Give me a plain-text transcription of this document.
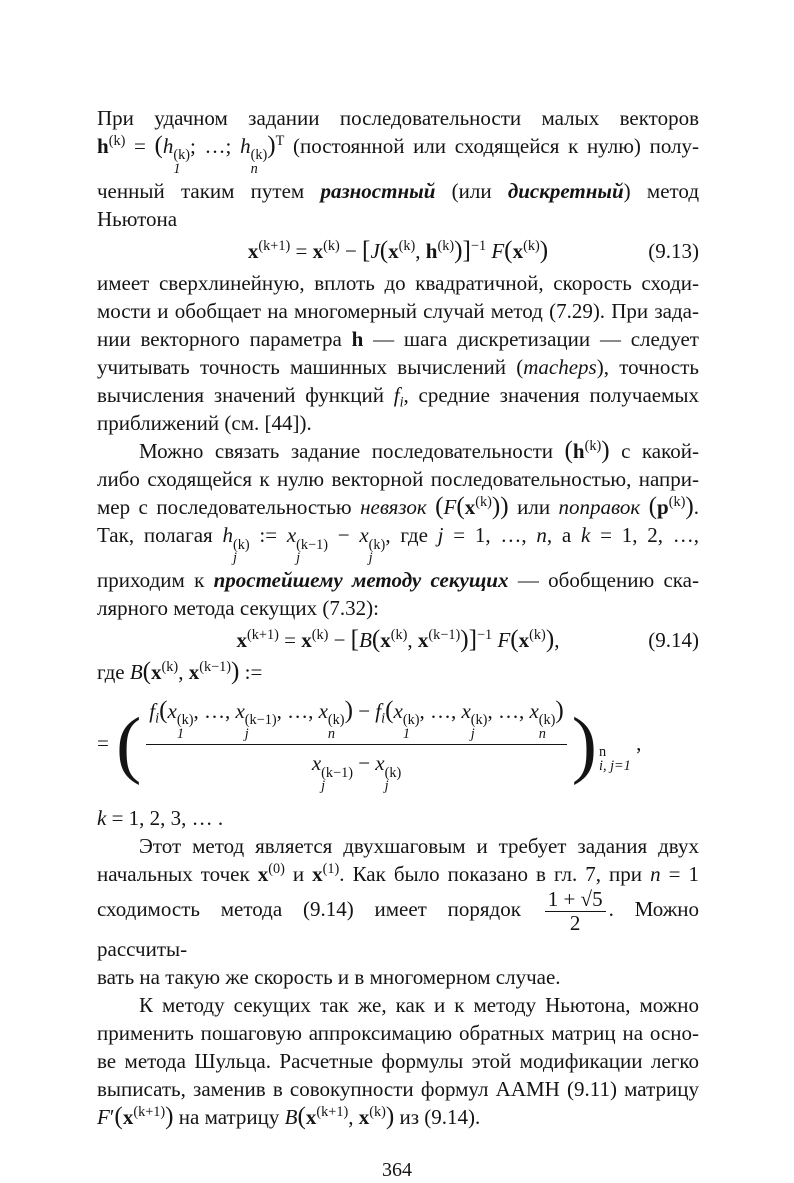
При удачном задании последовательности малых векторов
$h^{(k)} = (h$ (k)
1
; …; h (k)
n
)$^T$ (постоянной или сходящейся к нулю) полу-
ченный таким путем разностный (или дискретный) метод
Ньютона
$x^{(k+1)} = x^{(k)} - [J(x^{(k)}$, $h^{(k)})]^{-1}$ $F(x^{(k)})$	(9.13)
имеет сверхлинейную, вплоть до квадратичной, скорость сходи-
мости и обобщает на многомерный случай метод (7.29). При зада-
нии векторного параметра h — шага дискретизации — следует
учитывать точность машинных вычислений (macheps), точность
вычисления значений функций $f_i$, средние значения получаемых
приближений (см. [44]).
Можно связать задание последовательности $(h^{(k)})$ с какой-
либо сходящейся к нулю векторной последовательностью, напри-
мер с последовательностью невязок $(F(x^{(k)}))$ или поправок $(p^{(k)})$.
Так, полагая h (k)
j
:= x (k−1)
j
− x (k)
j
, где j = 1, …, n, а k = 1, 2, …,
приходим к простейшему методу секущих — обобщению ска-
лярного метода секущих (7.32):
$x^{(k+1)} = x^{(k)} - [B(x^{(k)}$, $x^{(k-1)})]^{-1}$ $F(x^{(k)})$,	(9.14)
где $B(x^{(k)}$, $x^{(k-1)}$) :=
= ( $f_i(x$ (k)
1
, …, x (k−1)
j
, …, x (k)
n
) − $f_i(x$ (k)
1
, …, x (k)
j
, …, x (k)
n
)
x (k−1)
j
− x (k)
j
) n
i, j=1
,
k = 1, 2, 3, … .
Этот метод является двухшаговым и требует задания двух
начальных точек $x^{(0)}$ и $x^{(1)}$. Как было показано в гл. 7, при n = 1
сходимость метода (9.14) имеет порядок $\frac{1 + √5}{2}$ . Можно рассчиты-
вать на такую же скорость и в многомерном случае.
К методу секущих так же, как и к методу Ньютона, можно
применить пошаговую аппроксимацию обратных матриц на осно-
ве метода Шульца. Расчетные формулы этой модификации легко
выписать, заменив в совокупности формул ААМН (9.11) матрицу
$F'(x^{(k+1)})$ на матрицу $B(x^{(k+1)}$, $x^{(k)}$) из (9.14).
364
